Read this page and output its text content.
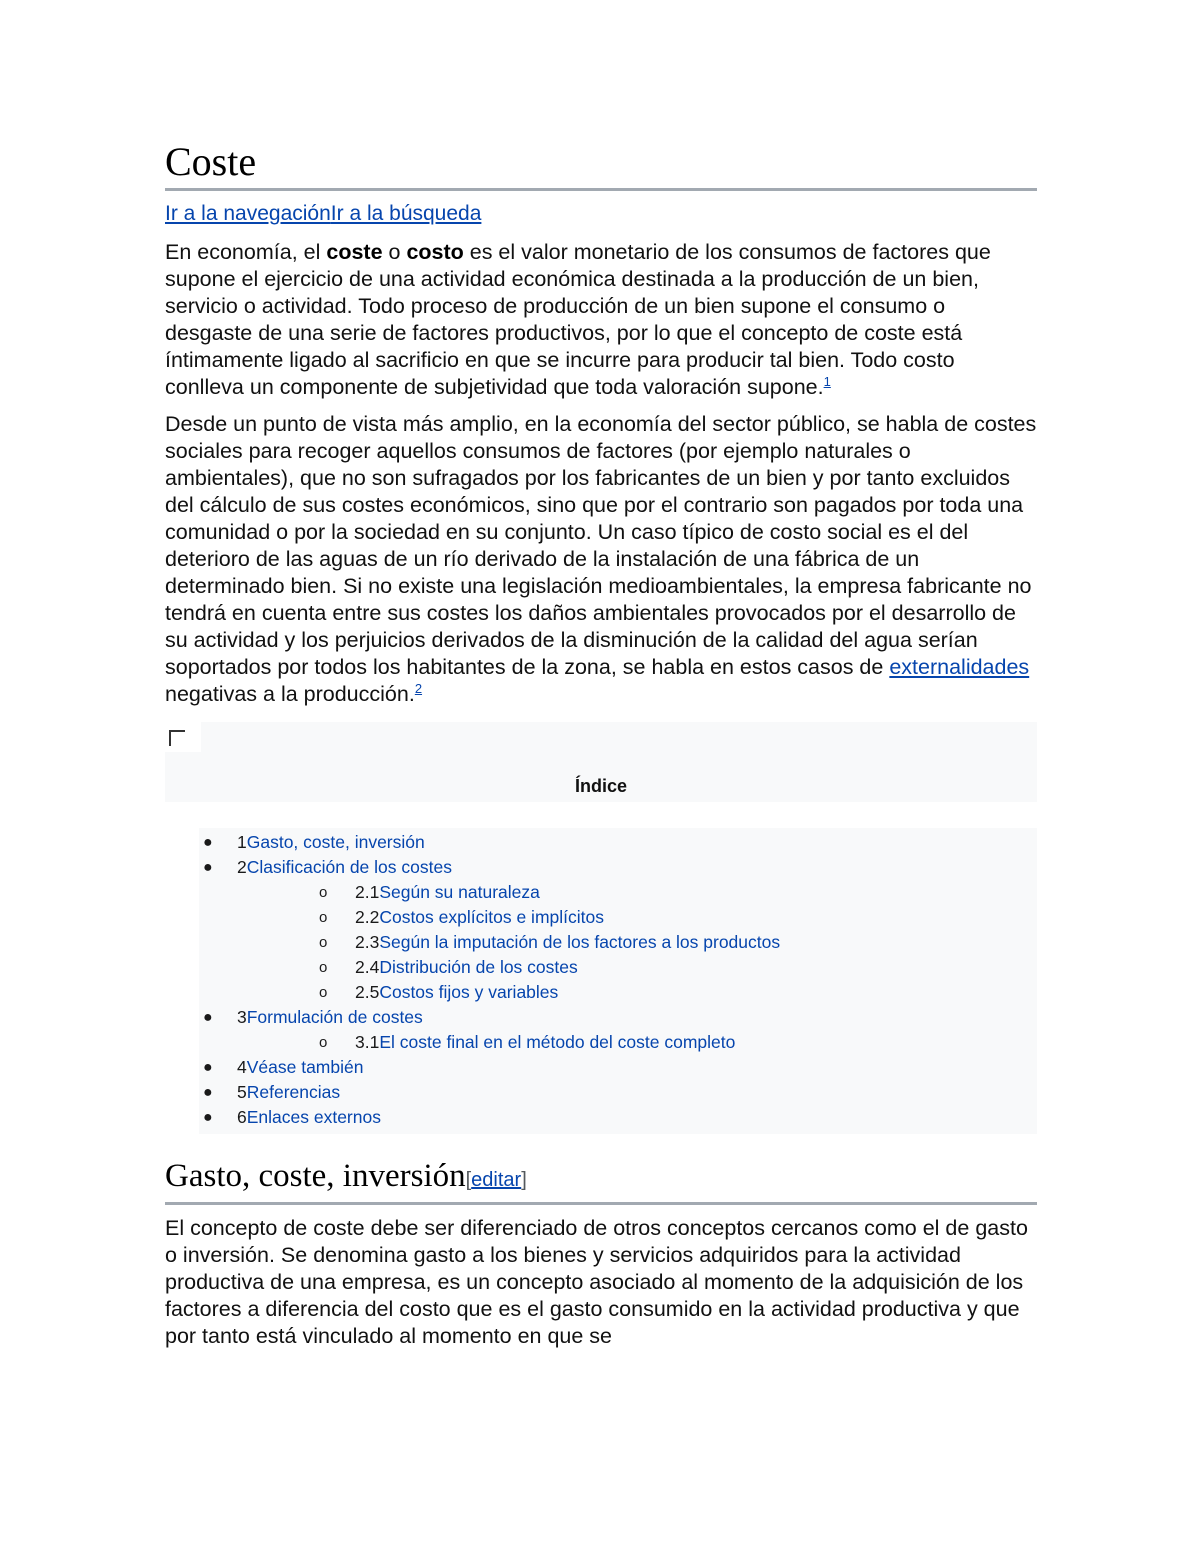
Coste
Ir a la navegaciónIr a la búsqueda

En economía, el coste o costo es el valor monetario de los consumos de factores que supone el ejercicio de una actividad económica destinada a la producción de un bien, servicio o actividad. Todo proceso de producción de un bien supone el consumo o desgaste de una serie de factores productivos, por lo que el concepto de coste está íntimamente ligado al sacrificio en que se incurre para producir tal bien. Todo costo conlleva un componente de subjetividad que toda valoración supone.$^1$

Desde un punto de vista más amplio, en la economía del sector público, se habla de costes sociales para recoger aquellos consumos de factores (por ejemplo naturales o ambientales), que no son sufragados por los fabricantes de un bien y por tanto excluidos del cálculo de sus costes económicos, sino que por el contrario son pagados por toda una comunidad o por la sociedad en su conjunto. Un caso típico de costo social es el del deterioro de las aguas de un río derivado de la instalación de una fábrica de un determinado bien. Si no existe una legislación medioambientales, la empresa fabricante no tendrá en cuenta entre sus costes los daños ambientales provocados por el desarrollo de su actividad y los perjuicios derivados de la disminución de la calidad del agua serían soportados por todos los habitantes de la zona, se habla en estos casos de externalidades negativas a la producción.$^2$

Índice
● 1Gasto, coste, inversión
● 2Clasificación de los costes
o 2.1Según su naturaleza
o 2.2Costos explícitos e implícitos
o 2.3Según la imputación de los factores a los productos
o 2.4Distribución de los costes
o 2.5Costos fijos y variables
● 3Formulación de costes
o 3.1El coste final en el método del coste completo
● 4Véase también
● 5Referencias
● 6Enlaces externos
Gasto, coste, inversión[editar]

El concepto de coste debe ser diferenciado de otros conceptos cercanos como el de gasto o inversión. Se denomina gasto a los bienes y servicios adquiridos para la actividad productiva de una empresa, es un concepto asociado al momento de la adquisición de los factores a diferencia del costo que es el gasto consumido en la actividad productiva y que por tanto está vinculado al momento en que se
